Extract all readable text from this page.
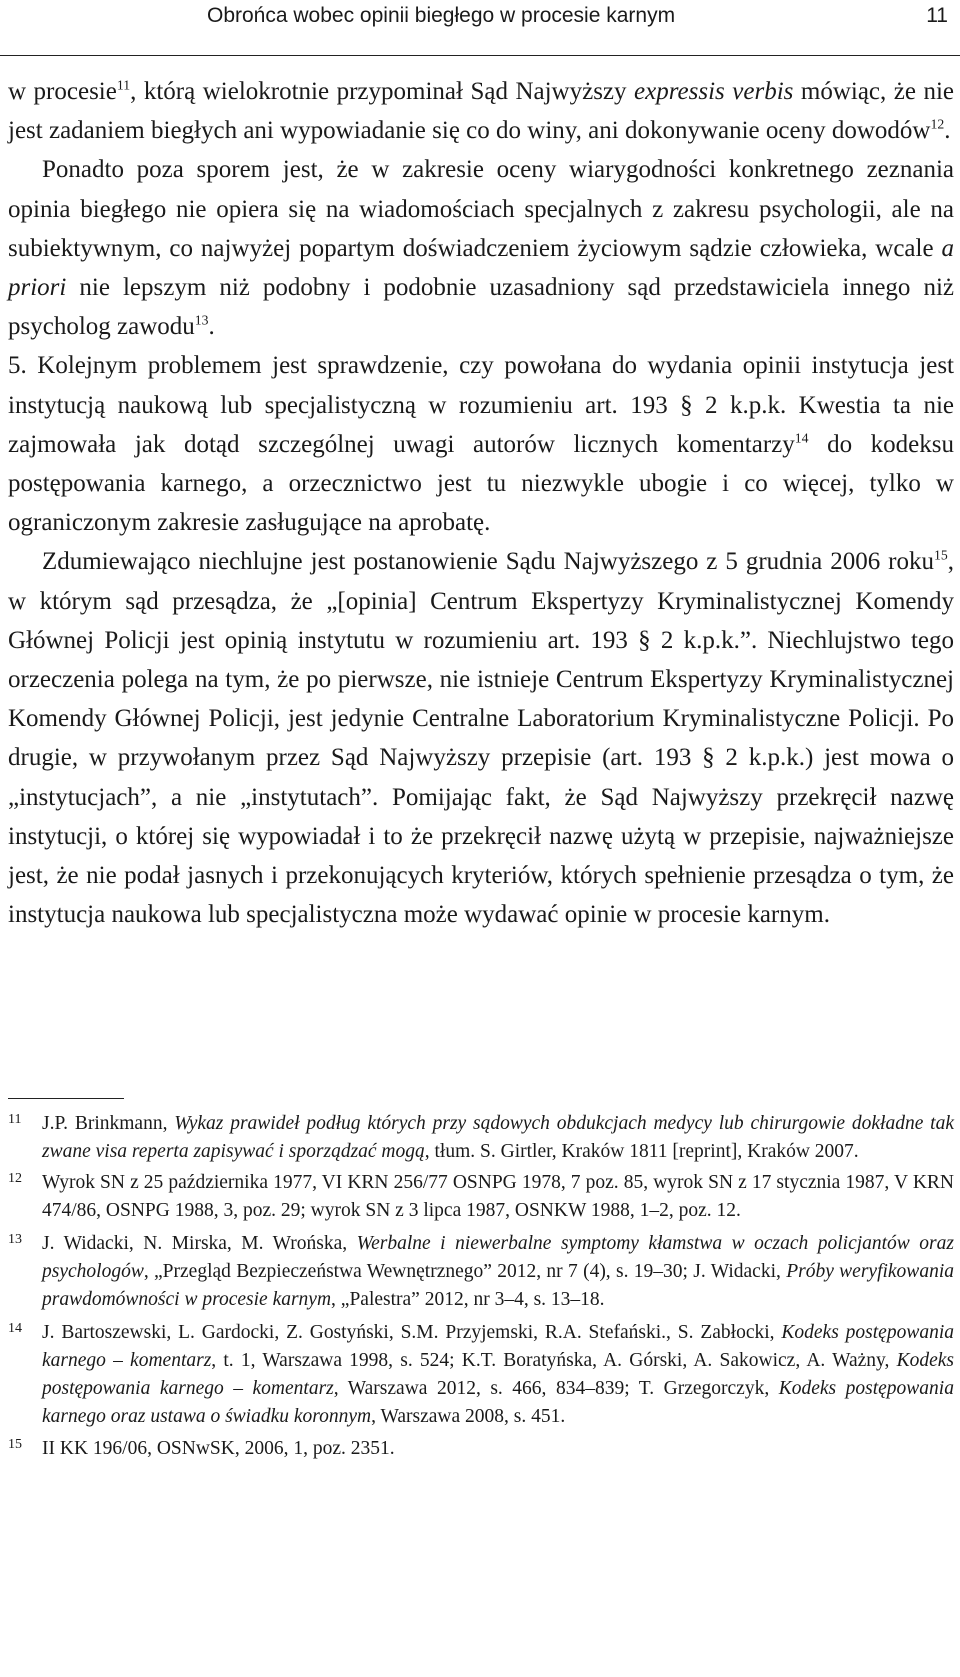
Obrońca wobec opinii biegłego w procesie karnym	11

w procesie$^{11}$, którą wielokrotnie przypominał Sąd Najwyższy expressis verbis mówiąc, że nie jest zadaniem biegłych ani wypowiadanie się co do winy, ani dokonywanie oceny dowodów$^{12}$.

Ponadto poza sporem jest, że w zakresie oceny wiarygodności konkretnego zeznania opinia biegłego nie opiera się na wiadomościach specjalnych z zakresu psychologii, ale na subiektywnym, co najwyżej popartym doświadczeniem życiowym sądzie człowieka, wcale a priori nie lepszym niż podobny i podobnie uzasadniony sąd przedstawiciela innego niż psycholog zawodu$^{13}$.

5. Kolejnym problemem jest sprawdzenie, czy powołana do wydania opinii instytucja jest instytucją naukową lub specjalistyczną w rozumieniu art. 193 § 2 k.p.k. Kwestia ta nie zajmowała jak dotąd szczególnej uwagi autorów licznych komentarzy$^{14}$ do kodeksu postępowania karnego, a orzecznictwo jest tu niezwykle ubogie i co więcej, tylko w ograniczonym zakresie zasługujące na aprobatę.

Zdumiewająco niechlujne jest postanowienie Sądu Najwyższego z 5 grudnia 2006 roku$^{15}$, w którym sąd przesądza, że „[opinia] Centrum Ekspertyzy Kryminalistycznej Komendy Głównej Policji jest opinią instytutu w rozumieniu art. 193 § 2 k.p.k.”. Niechlujstwo tego orzeczenia polega na tym, że po pierwsze, nie istnieje Centrum Ekspertyzy Kryminalistycznej Komendy Głównej Policji, jest jedynie Centralne Laboratorium Kryminalistyczne Policji. Po drugie, w przywołanym przez Sąd Najwyższy przepisie (art. 193 § 2 k.p.k.) jest mowa o „instytucjach”, a nie „instytutach”. Pomijając fakt, że Sąd Najwyższy przekręcił nazwę instytucji, o której się wypowiadał i to że przekręcił nazwę użytą w przepisie, najważniejsze jest, że nie podał jasnych i przekonujących kryteriów, których spełnienie przesądza o tym, że instytucja naukowa lub specjalistyczna może wydawać opinie w procesie karnym.

11 J.P. Brinkmann, Wykaz prawideł podług których przy sądowych obdukcjach medycy lub chirurgowie dokładne tak zwane visa reperta zapisywać i sporządzać mogą, tłum. S. Girtler, Kraków 1811 [reprint], Kraków 2007.
12 Wyrok SN z 25 października 1977, VI KRN 256/77 OSNPG 1978, 7 poz. 85, wyrok SN z 17 stycznia 1987, V KRN 474/86, OSNPG 1988, 3, poz. 29; wyrok SN z 3 lipca 1987, OSNKW 1988, 1–2, poz. 12.
13 J. Widacki, N. Mirska, M. Wrońska, Werbalne i niewerbalne symptomy kłamstwa w oczach policjantów oraz psychologów, „Przegląd Bezpieczeństwa Wewnętrznego” 2012, nr 7 (4), s. 19–30; J. Widacki, Próby weryfikowania prawdomówności w procesie karnym, „Palestra” 2012, nr 3–4, s. 13–18.
14 J. Bartoszewski, L. Gardocki, Z. Gostyński, S.M. Przyjemski, R.A. Stefański., S. Zabłocki, Kodeks postępowania karnego – komentarz, t. 1, Warszawa 1998, s. 524; K.T. Boratyńska, A. Górski, A. Sakowicz, A. Ważny, Kodeks postępowania karnego – komentarz, Warszawa 2012, s. 466, 834–839; T. Grzegorczyk, Kodeks postępowania karnego oraz ustawa o świadku koronnym, Warszawa 2008, s. 451.
15 II KK 196/06, OSNwSK, 2006, 1, poz. 2351.
